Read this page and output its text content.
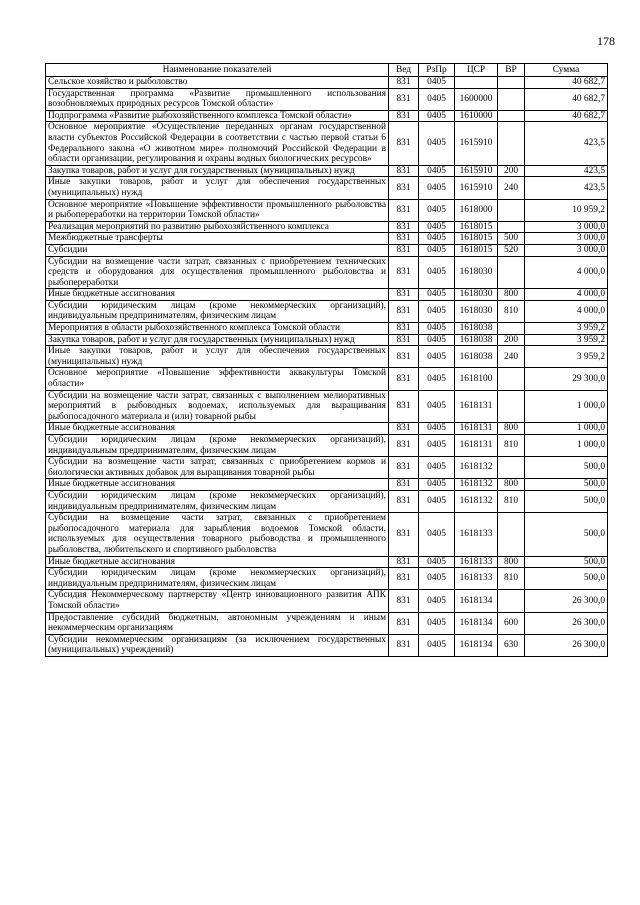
178
Наименование показателей	Вед	РзПр	ЦСР	ВР	Сумма
Сельское хозяйство и рыболовство	831	0405			40 682,7
Государственная программа «Развитие промышленного использования возобновляемых природных ресурсов Томской области»	831	0405	1600000		40 682,7
Подпрограмма «Развитие рыбохозяйственного комплекса Томской области»	831	0405	1610000		40 682,7
Основное мероприятие «Осуществление переданных органам государственной власти субъектов Российской Федерации в соответствии с частью первой статьи 6 Федерального закона «О животном мире» полномочий Российской Федерации в области организации, регулирования и охраны водных биологических ресурсов»	831	0405	1615910		423,5
Закупка товаров, работ и услуг для государственных (муниципальных) нужд	831	0405	1615910	200	423,5
Иные закупки товаров, работ и услуг для обеспечения государственных (муниципальных) нужд	831	0405	1615910	240	423,5
Основное мероприятие «Повышение эффективности промышленного рыболовства и рыбопереработки на территории Томской области»	831	0405	1618000		10 959,2
Реализация мероприятий по развитию рыбохозяйственного комплекса	831	0405	1618015		3 000,0
Межбюджетные трансферты	831	0405	1618015	500	3 000,0
Субсидии	831	0405	1618015	520	3 000,0
Субсидии на возмещение части затрат, связанных с приобретением технических средств и оборудования для осуществления промышленного рыболовства и рыбопереработки	831	0405	1618030		4 000,0
Иные бюджетные ассигнования	831	0405	1618030	800	4 000,0
Субсидии юридическим лицам (кроме некоммерческих организаций), индивидуальным предпринимателям, физическим лицам	831	0405	1618030	810	4 000,0
Мероприятия в области рыбохозяйственного комплекса Томской области	831	0405	1618038		3 959,2
Закупка товаров, работ и услуг для государственных (муниципальных) нужд	831	0405	1618038	200	3 959,2
Иные закупки товаров, работ и услуг для обеспечения государственных (муниципальных) нужд	831	0405	1618038	240	3 959,2
Основное мероприятие «Повышение эффективности аквакультуры Томской области»	831	0405	1618100		29 300,0
Субсидии на возмещение части затрат, связанных с выполнением мелиоративных мероприятий в рыбоводных водоемах, используемых для выращивания рыбопосадочного материала и (или) товарной рыбы	831	0405	1618131		1 000,0
Иные бюджетные ассигнования	831	0405	1618131	800	1 000,0
Субсидии юридическим лицам (кроме некоммерческих организаций), индивидуальным предпринимателям, физическим лицам	831	0405	1618131	810	1 000,0
Субсидии на возмещение части затрат, связанных с приобретением кормов и биологически активных добавок для выращивания товарной рыбы	831	0405	1618132		500,0
Иные бюджетные ассигнования	831	0405	1618132	800	500,0
Субсидии юридическим лицам (кроме некоммерческих организаций), индивидуальным предпринимателям, физическим лицам	831	0405	1618132	810	500,0
Субсидии на возмещение части затрат, связанных с приобретением рыбопосадочного материала для зарыбления водоемов Томской области, используемых для осуществления товарного рыбоводства и промышленного рыболовства, любительского и спортивного рыболовства	831	0405	1618133		500,0
Иные бюджетные ассигнования	831	0405	1618133	800	500,0
Субсидии юридическим лицам (кроме некоммерческих организаций), индивидуальным предпринимателям, физическим лицам	831	0405	1618133	810	500,0
Субсидия Некоммерческому партнерству «Центр инновационного развития АПК Томской области»	831	0405	1618134		26 300,0
Предоставление субсидий бюджетным, автономным учреждениям и иным некоммерческим организациям	831	0405	1618134	600	26 300,0
Субсидии некоммерческим организациям (за исключением государственных (муниципальных) учреждений)	831	0405	1618134	630	26 300,0
